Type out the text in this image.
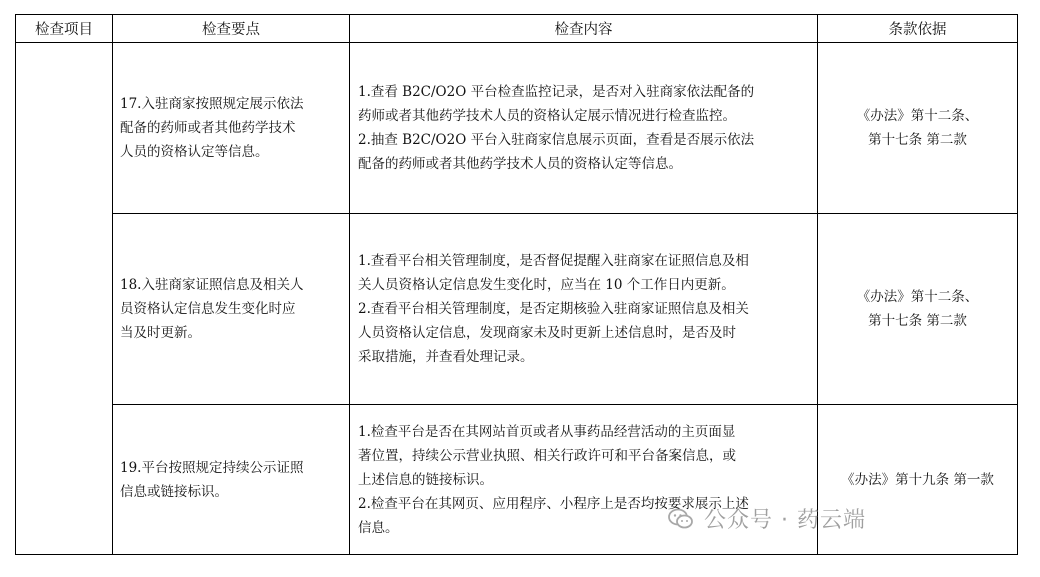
检查项目	检查要点	检查内容	条款依据

	17.入驻商家按照规定展示依法
配备的药师或者其他药学技术
人员的资格认定等信息。	1.查看 B2C/O2O 平台检查监控记录，是否对入驻商家依法配备的
药师或者其他药学技术人员的资格认定展示情况进行检查监控。
2.抽查 B2C/O2O 平台入驻商家信息展示页面，查看是否展示依法
配备的药师或者其他药学技术人员的资格认定等信息。	《办法》第十二条、
第十七条 第二款

	18.入驻商家证照信息及相关人
员资格认定信息发生变化时应
当及时更新。	1.查看平台相关管理制度，是否督促提醒入驻商家在证照信息及相
关人员资格认定信息发生变化时，应当在 10 个工作日内更新。
2.查看平台相关管理制度，是否定期核验入驻商家证照信息及相关
人员资格认定信息，发现商家未及时更新上述信息时，是否及时
采取措施，并查看处理记录。	《办法》第十二条、
第十七条 第二款

	19.平台按照规定持续公示证照
信息或链接标识。	1.检查平台是否在其网站首页或者从事药品经营活动的主页面显
著位置，持续公示营业执照、相关行政许可和平台备案信息，或
上述信息的链接标识。
2.检查平台在其网页、应用程序、小程序上是否均按要求展示上述
信息。	《办法》第十九条 第一款
公众号 · 药云端
